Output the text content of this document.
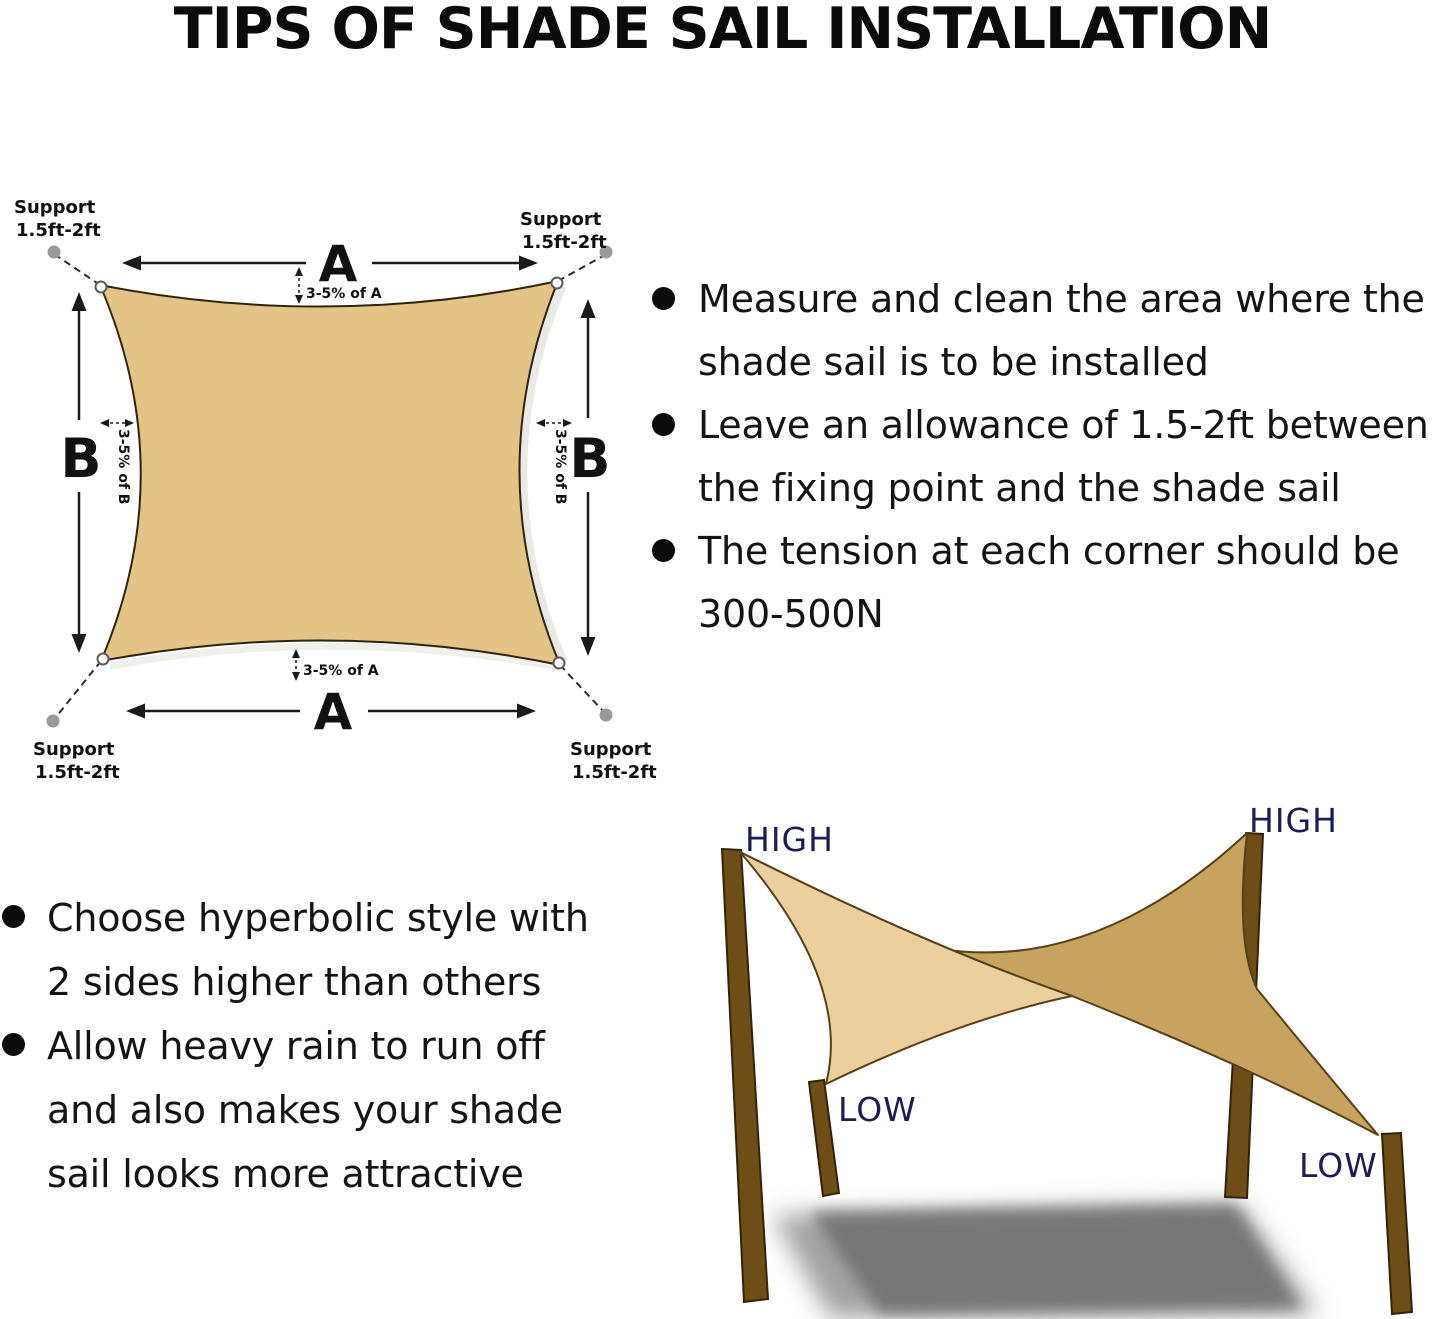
TIPS OF SHADE SAIL INSTALLATION
A
A
B	B
3-5% of A
3-5% of A
3-5% of B	3-5% of B
Support
1.5ft-2ft
Support
1.5ft-2ft
Support
1.5ft-2ft
Support
1.5ft-2ft
Measure and clean the area where the
shade sail is to be installed
Leave an allowance of 1.5-2ft between
the fixing point and the shade sail
The tension at each corner should be
300-500N
Choose hyperbolic style with
2 sides higher than others
Allow heavy rain to run off
and also makes your shade
sail looks more attractive
HIGH	HIGH
LOW
LOW
